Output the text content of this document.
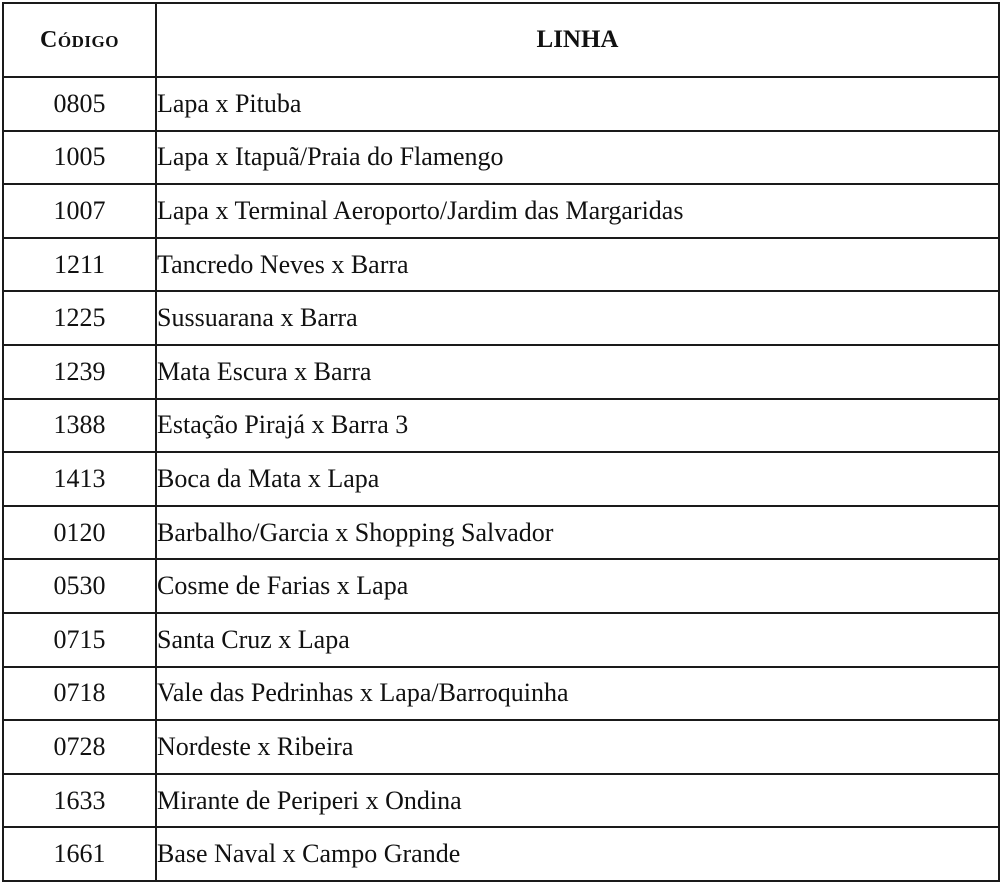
Código	LINHA
0805	Lapa x Pituba
1005	Lapa x Itapuã/Praia do Flamengo
1007	Lapa x Terminal Aeroporto/Jardim das Margaridas
1211	Tancredo Neves x Barra
1225	Sussuarana x Barra
1239	Mata Escura x Barra
1388	Estação Pirajá x Barra 3
1413	Boca da Mata x Lapa
0120	Barbalho/Garcia x Shopping Salvador
0530	Cosme de Farias x Lapa
0715	Santa Cruz x Lapa
0718	Vale das Pedrinhas x Lapa/Barroquinha
0728	Nordeste x Ribeira
1633	Mirante de Periperi x Ondina
1661	Base Naval x Campo Grande
